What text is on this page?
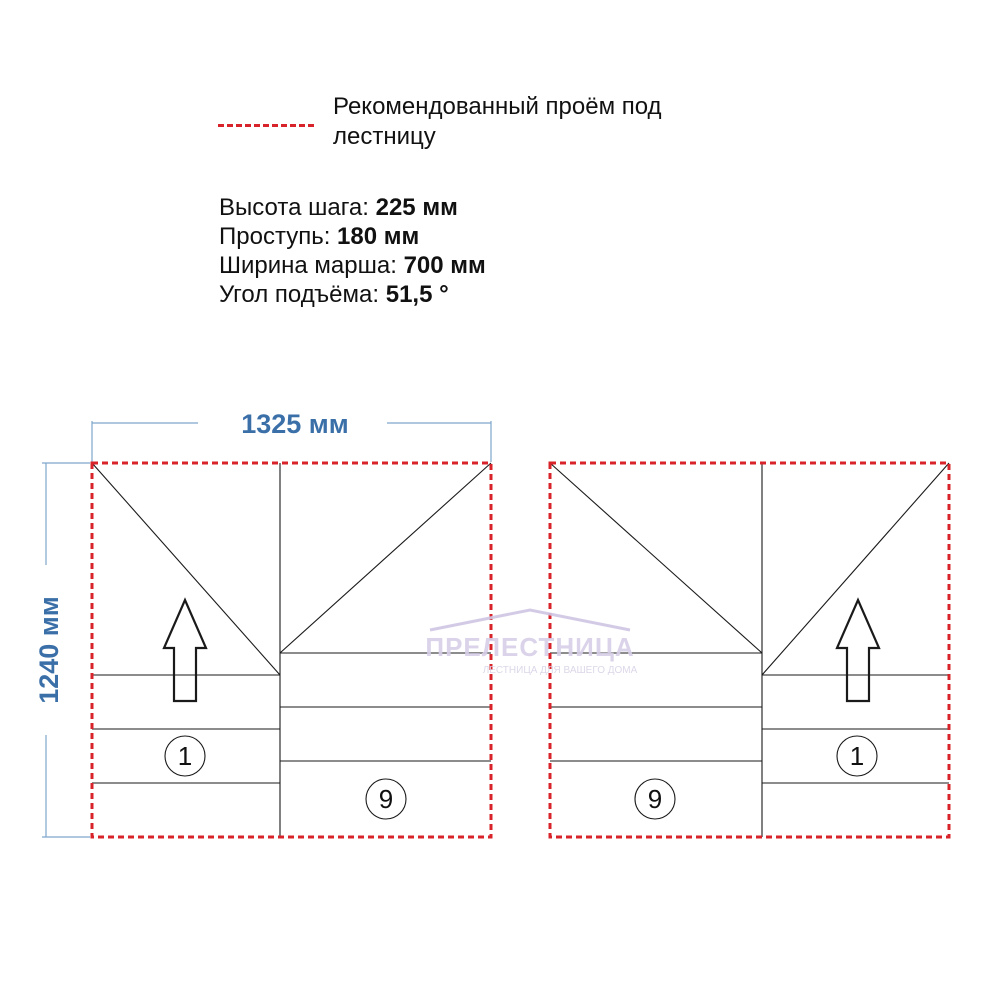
Рекомендованный проём под лестницу
Высота шага: 225 мм
Проступь: 180 мм
Ширина марша: 700 мм
Угол подъёма: 51,5 °
1325 мм
1240 мм
1
9
1
9
ПРЕЛЕСТНИЦА
ЛЕСТНИЦА ДЛЯ ВАШЕГО ДОМА
